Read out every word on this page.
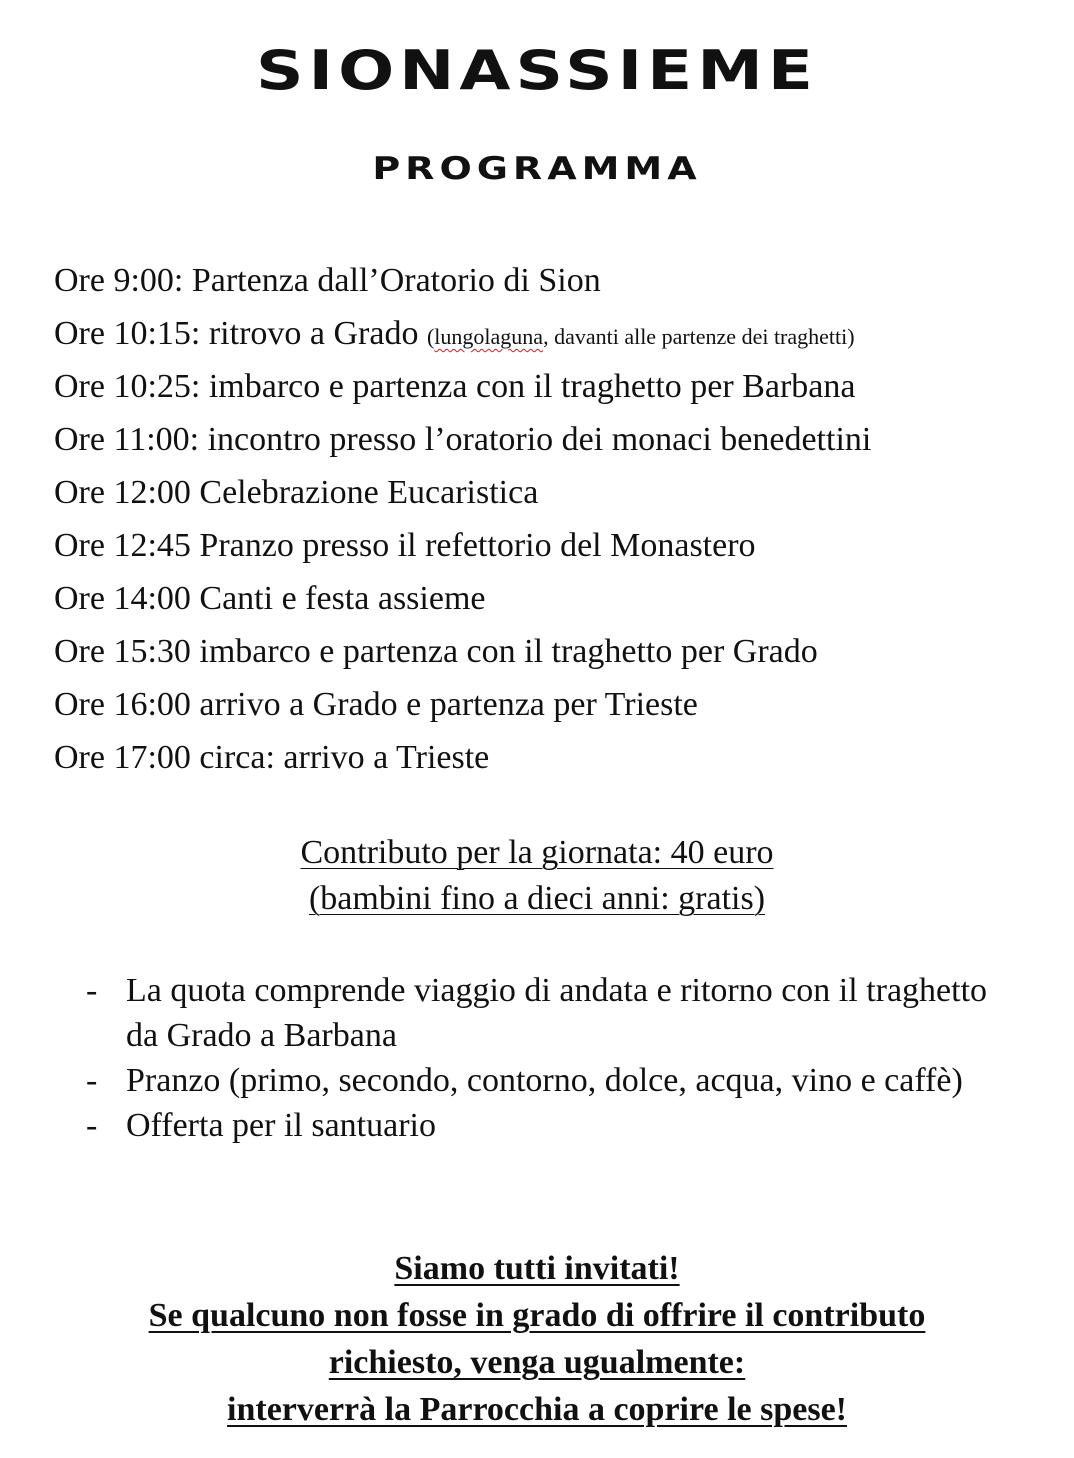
SIONASSIEME
PROGRAMMA
Ore 9:00: Partenza dall’Oratorio di Sion
Ore 10:15: ritrovo a Grado (lungolaguna, davanti alle partenze dei traghetti)
Ore 10:25: imbarco e partenza con il traghetto per Barbana
Ore 11:00: incontro presso l’oratorio dei monaci benedettini
Ore 12:00 Celebrazione Eucaristica
Ore 12:45 Pranzo presso il refettorio del Monastero
Ore 14:00 Canti e festa assieme
Ore 15:30 imbarco e partenza con il traghetto per Grado
Ore 16:00 arrivo a Grado e partenza per Trieste
Ore 17:00 circa: arrivo a Trieste
Contributo per la giornata: 40 euro
(bambini fino a dieci anni: gratis)
- La quota comprende viaggio di andata e ritorno con il traghetto da Grado a Barbana
- Pranzo (primo, secondo, contorno, dolce, acqua, vino e caffè)
- Offerta per il santuario
Siamo tutti invitati!
Se qualcuno non fosse in grado di offrire il contributo
richiesto, venga ugualmente:
interverrà la Parrocchia a coprire le spese!
